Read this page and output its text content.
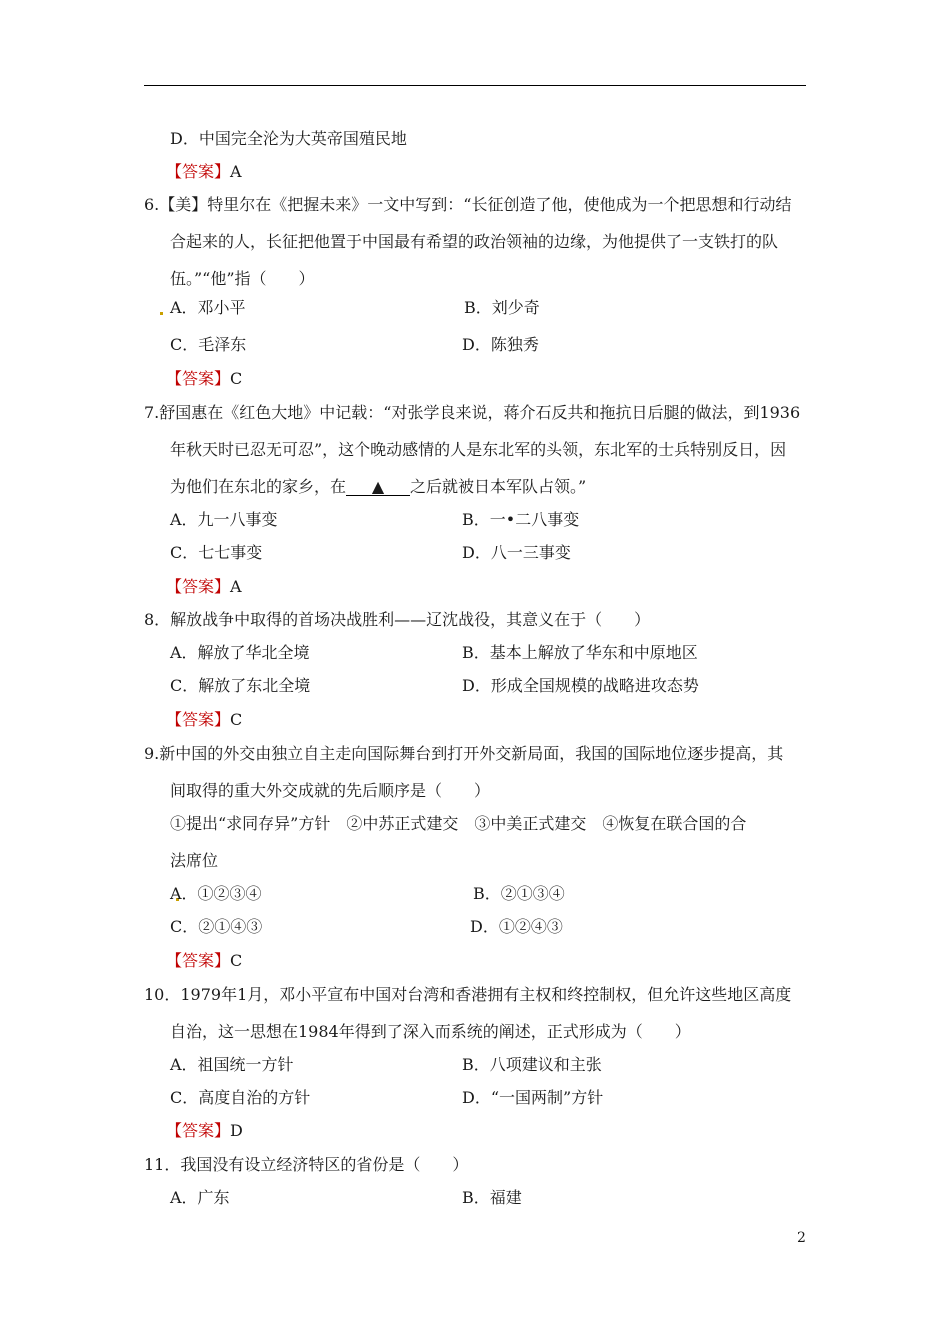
D．中国完全沦为大英帝国殖民地
【答案】A
6.【美】特里尔在《把握未来》一文中写到：“长征创造了他，使他成为一个把思想和行动结
合起来的人，长征把他置于中国最有希望的政治领袖的边缘，为他提供了一支铁打的队
伍。”“他”指（　　）
A．邓小平	B．刘少奇
C．毛泽东	D．陈独秀
【答案】C
7.舒国惠在《红色大地》中记载：“对张学良来说，蒋介石反共和拖抗日后腿的做法，到1936
年秋天时已忍无可忍”，这个晚动感情的人是东北军的头领，东北军的士兵特别反日，因
为他们在东北的家乡，在 ▲ 之后就被日本军队占领。”
A．九一八事变	B．一•二八事变
C．七七事变	D．八一三事变
【答案】A
8．解放战争中取得的首场决战胜利——辽沈战役，其意义在于（　　）
A．解放了华北全境	B．基本上解放了华东和中原地区
C．解放了东北全境	D．形成全国规模的战略进攻态势
【答案】C
9.新中国的外交由独立自主走向国际舞台到打开外交新局面，我国的国际地位逐步提高，其
间取得的重大外交成就的先后顺序是（　　）
①提出“求同存异”方针　②中苏正式建交　③中美正式建交　④恢复在联合国的合
法席位
A．①②③④	B．②①③④
C．②①④③	D．①②④③
【答案】C
10．1979年1月，邓小平宣布中国对台湾和香港拥有主权和终控制权，但允许这些地区高度
自治，这一思想在1984年得到了深入而系统的阐述，正式形成为（　　）
A．祖国统一方针	B．八项建议和主张
C．高度自治的方针	D．“一国两制”方针
【答案】D
11．我国没有设立经济特区的省份是（　　）
A．广东	B．福建
2
